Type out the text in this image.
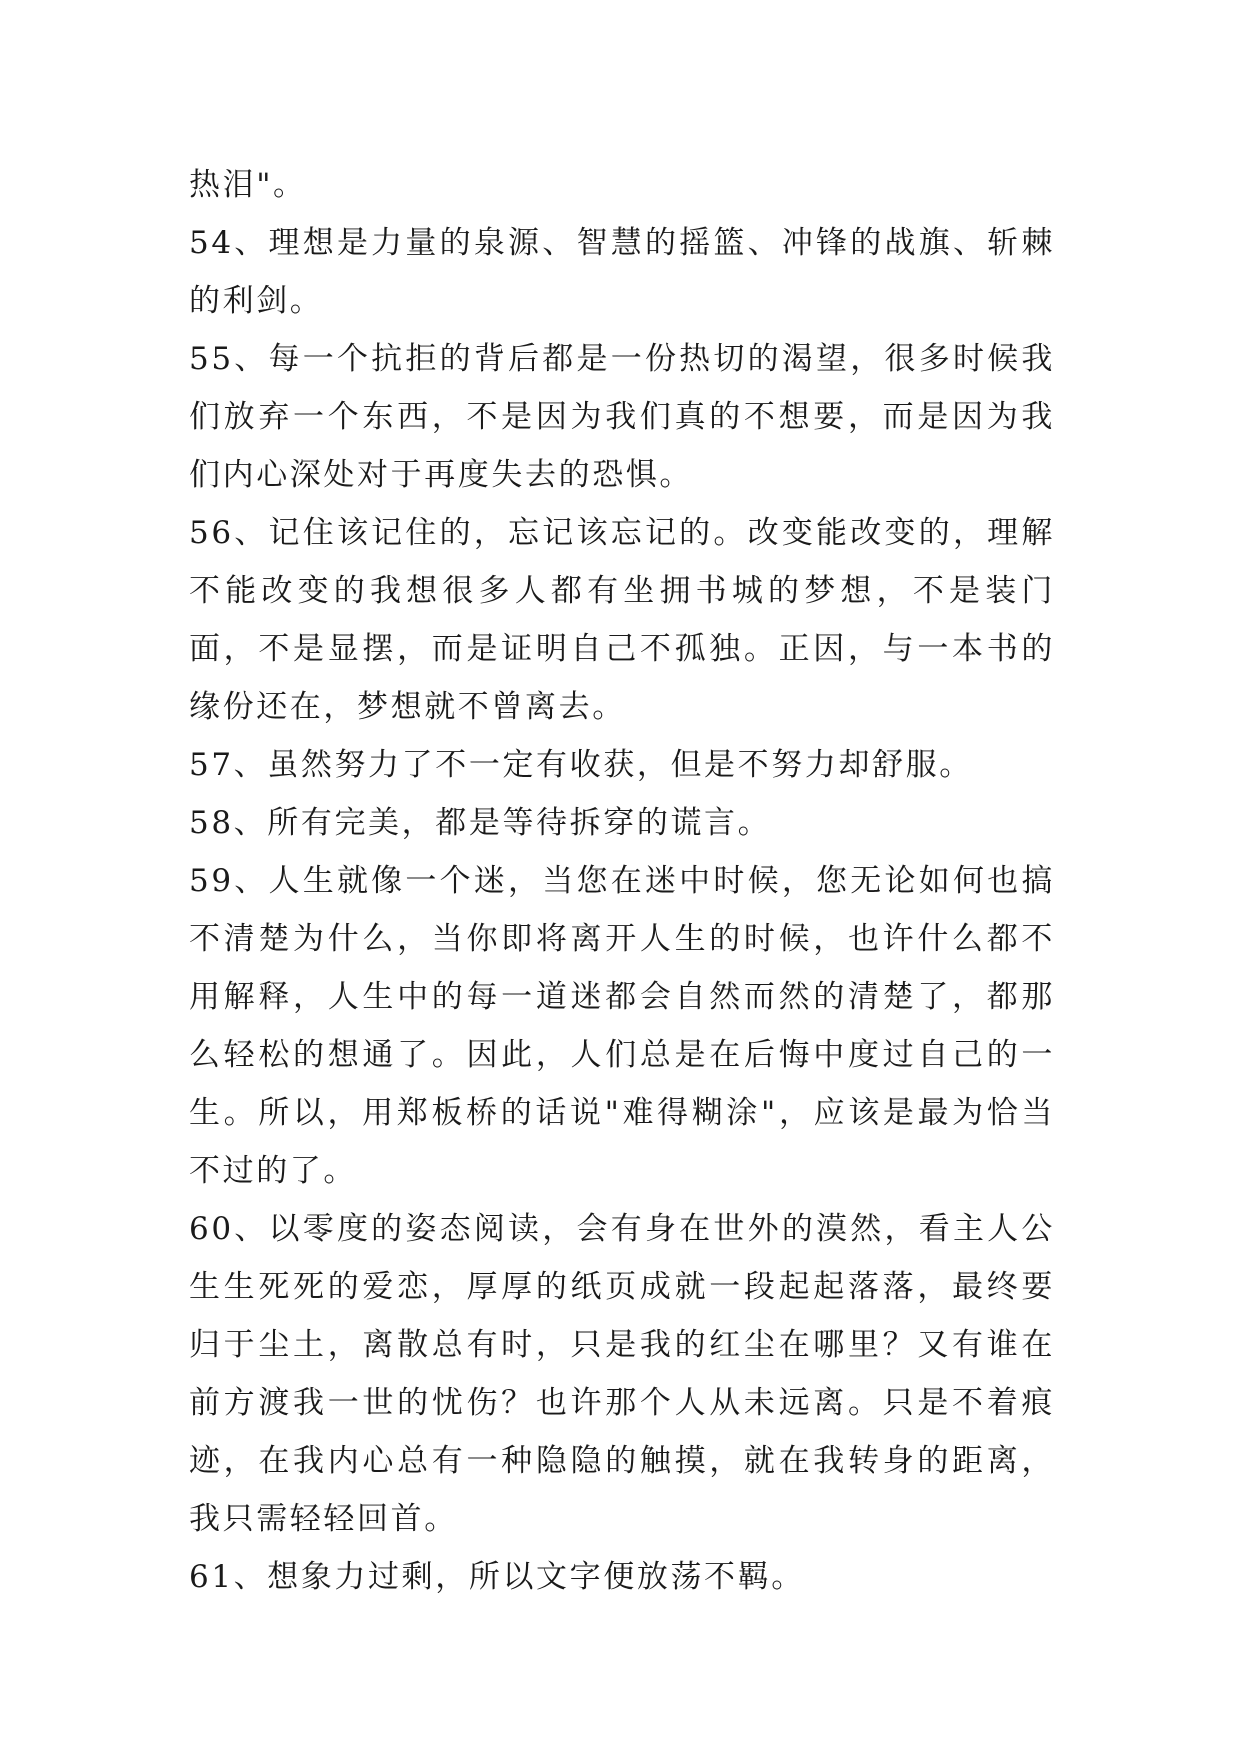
热泪"。

54、理想是力量的泉源、智慧的摇篮、冲锋的战旗、斩棘的利剑。

55、每一个抗拒的背后都是一份热切的渴望，很多时候我们放弃一个东西，不是因为我们真的不想要，而是因为我们内心深处对于再度失去的恐惧。

56、记住该记住的，忘记该忘记的。改变能改变的，理解不能改变的我想很多人都有坐拥书城的梦想，不是装门面，不是显摆，而是证明自己不孤独。正因，与一本书的缘份还在，梦想就不曾离去。

57、虽然努力了不一定有收获，但是不努力却舒服。

58、所有完美，都是等待拆穿的谎言。

59、人生就像一个迷，当您在迷中时候，您无论如何也搞不清楚为什么，当你即将离开人生的时候，也许什么都不用解释，人生中的每一道迷都会自然而然的清楚了，都那么轻松的想通了。因此，人们总是在后悔中度过自己的一生。所以，用郑板桥的话说"难得糊涂"，应该是最为恰当不过的了。

60、以零度的姿态阅读，会有身在世外的漠然，看主人公生生死死的爱恋，厚厚的纸页成就一段起起落落，最终要归于尘土，离散总有时，只是我的红尘在哪里？又有谁在前方渡我一世的忧伤？也许那个人从未远离。只是不着痕迹，在我内心总有一种隐隐的触摸，就在我转身的距离，我只需轻轻回首。

61、想象力过剩，所以文字便放荡不羁。
